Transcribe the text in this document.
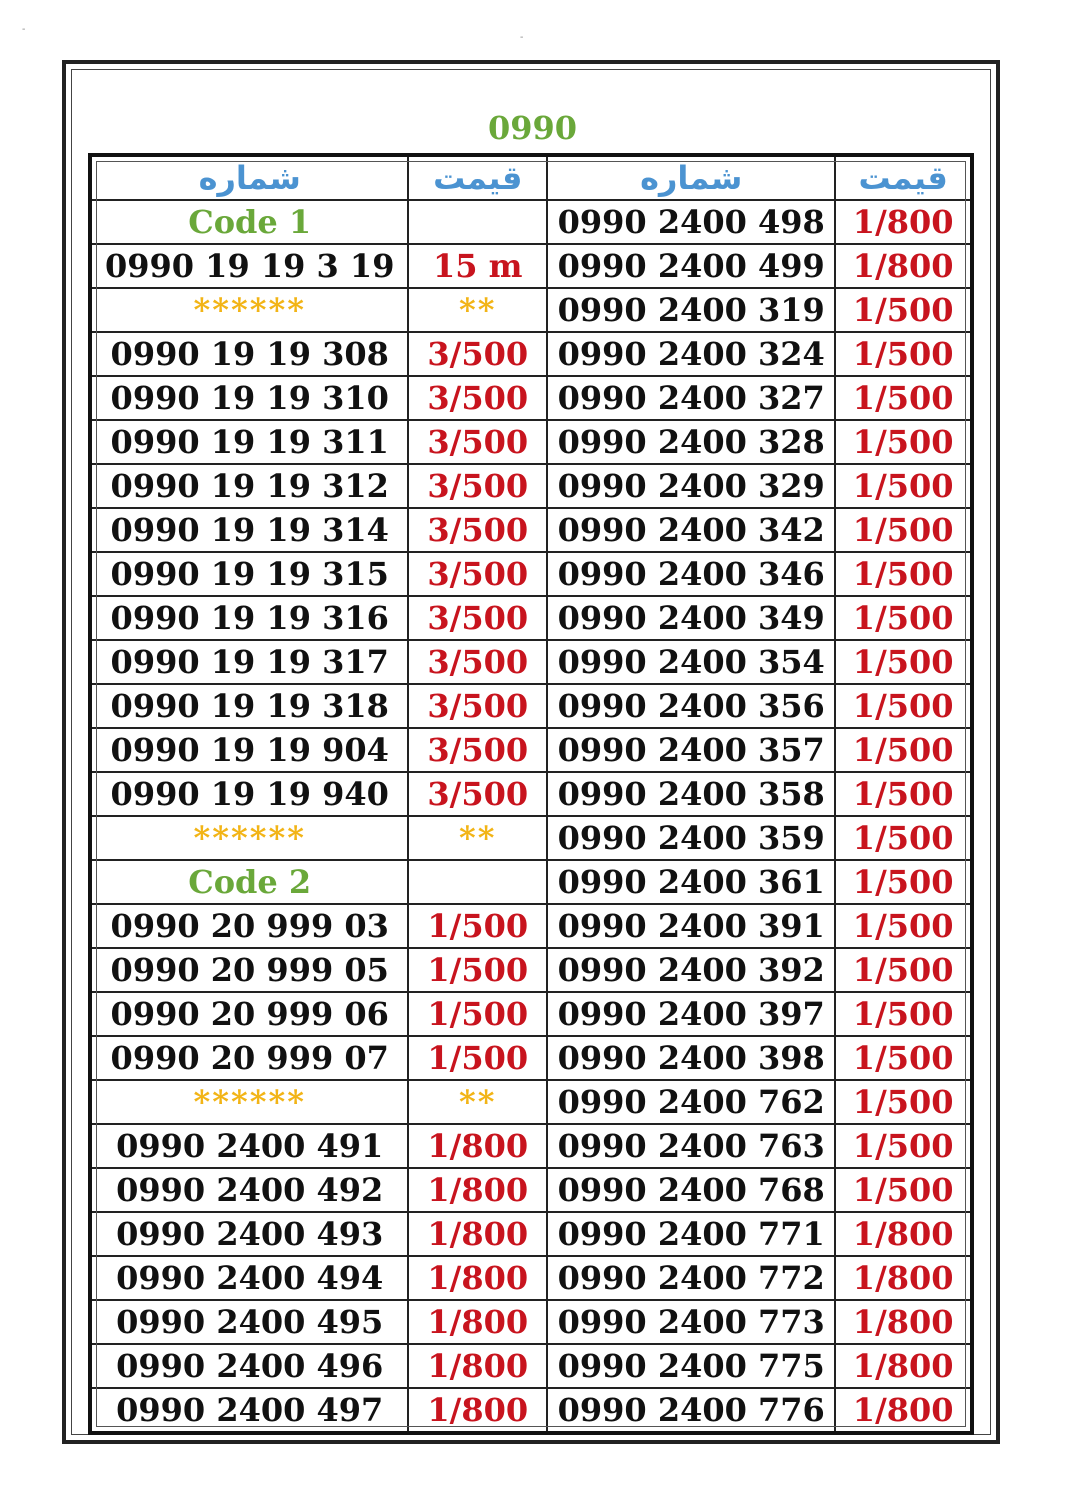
-
-
0990
شماره	قیمت	شماره	قیمت
Code 1		0990 2400 498	1/800
0990 19 19 3 19	15 m	0990 2400 499	1/800
******	**	0990 2400 319	1/500
0990 19 19 308	3/500	0990 2400 324	1/500
0990 19 19 310	3/500	0990 2400 327	1/500
0990 19 19 311	3/500	0990 2400 328	1/500
0990 19 19 312	3/500	0990 2400 329	1/500
0990 19 19 314	3/500	0990 2400 342	1/500
0990 19 19 315	3/500	0990 2400 346	1/500
0990 19 19 316	3/500	0990 2400 349	1/500
0990 19 19 317	3/500	0990 2400 354	1/500
0990 19 19 318	3/500	0990 2400 356	1/500
0990 19 19 904	3/500	0990 2400 357	1/500
0990 19 19 940	3/500	0990 2400 358	1/500
******	**	0990 2400 359	1/500
Code 2		0990 2400 361	1/500
0990 20 999 03	1/500	0990 2400 391	1/500
0990 20 999 05	1/500	0990 2400 392	1/500
0990 20 999 06	1/500	0990 2400 397	1/500
0990 20 999 07	1/500	0990 2400 398	1/500
******	**	0990 2400 762	1/500
0990 2400 491	1/800	0990 2400 763	1/500
0990 2400 492	1/800	0990 2400 768	1/500
0990 2400 493	1/800	0990 2400 771	1/800
0990 2400 494	1/800	0990 2400 772	1/800
0990 2400 495	1/800	0990 2400 773	1/800
0990 2400 496	1/800	0990 2400 775	1/800
0990 2400 497	1/800	0990 2400 776	1/800
